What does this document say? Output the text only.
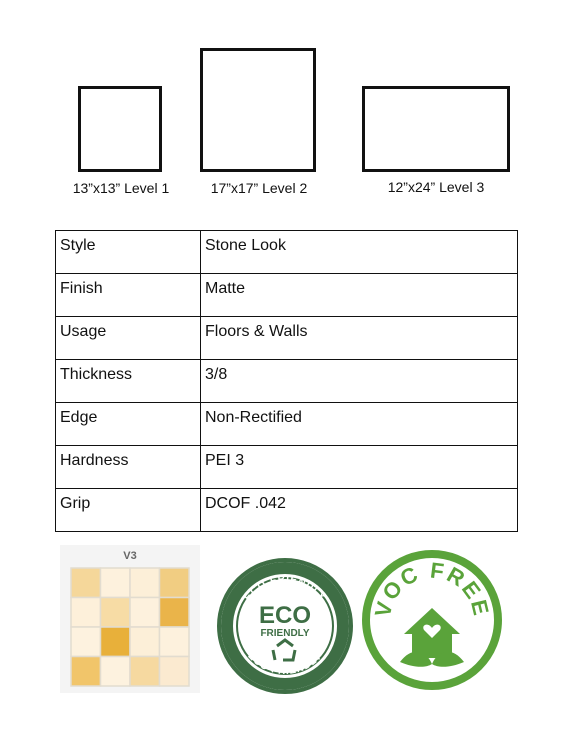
13”x13” Level 1	17”x17” Level 2	12”x24” Level 3
Style	Stone Look
Finish	Matte
Usage	Floors & Walls
Thickness	3/8
Edge	Non-Rectified
Hardness	PEI 3
Grip	DCOF .042
V3
ECO FRIENDLY
ECO FRIENDLY
ECO
FRIENDLY
VOC FREE
